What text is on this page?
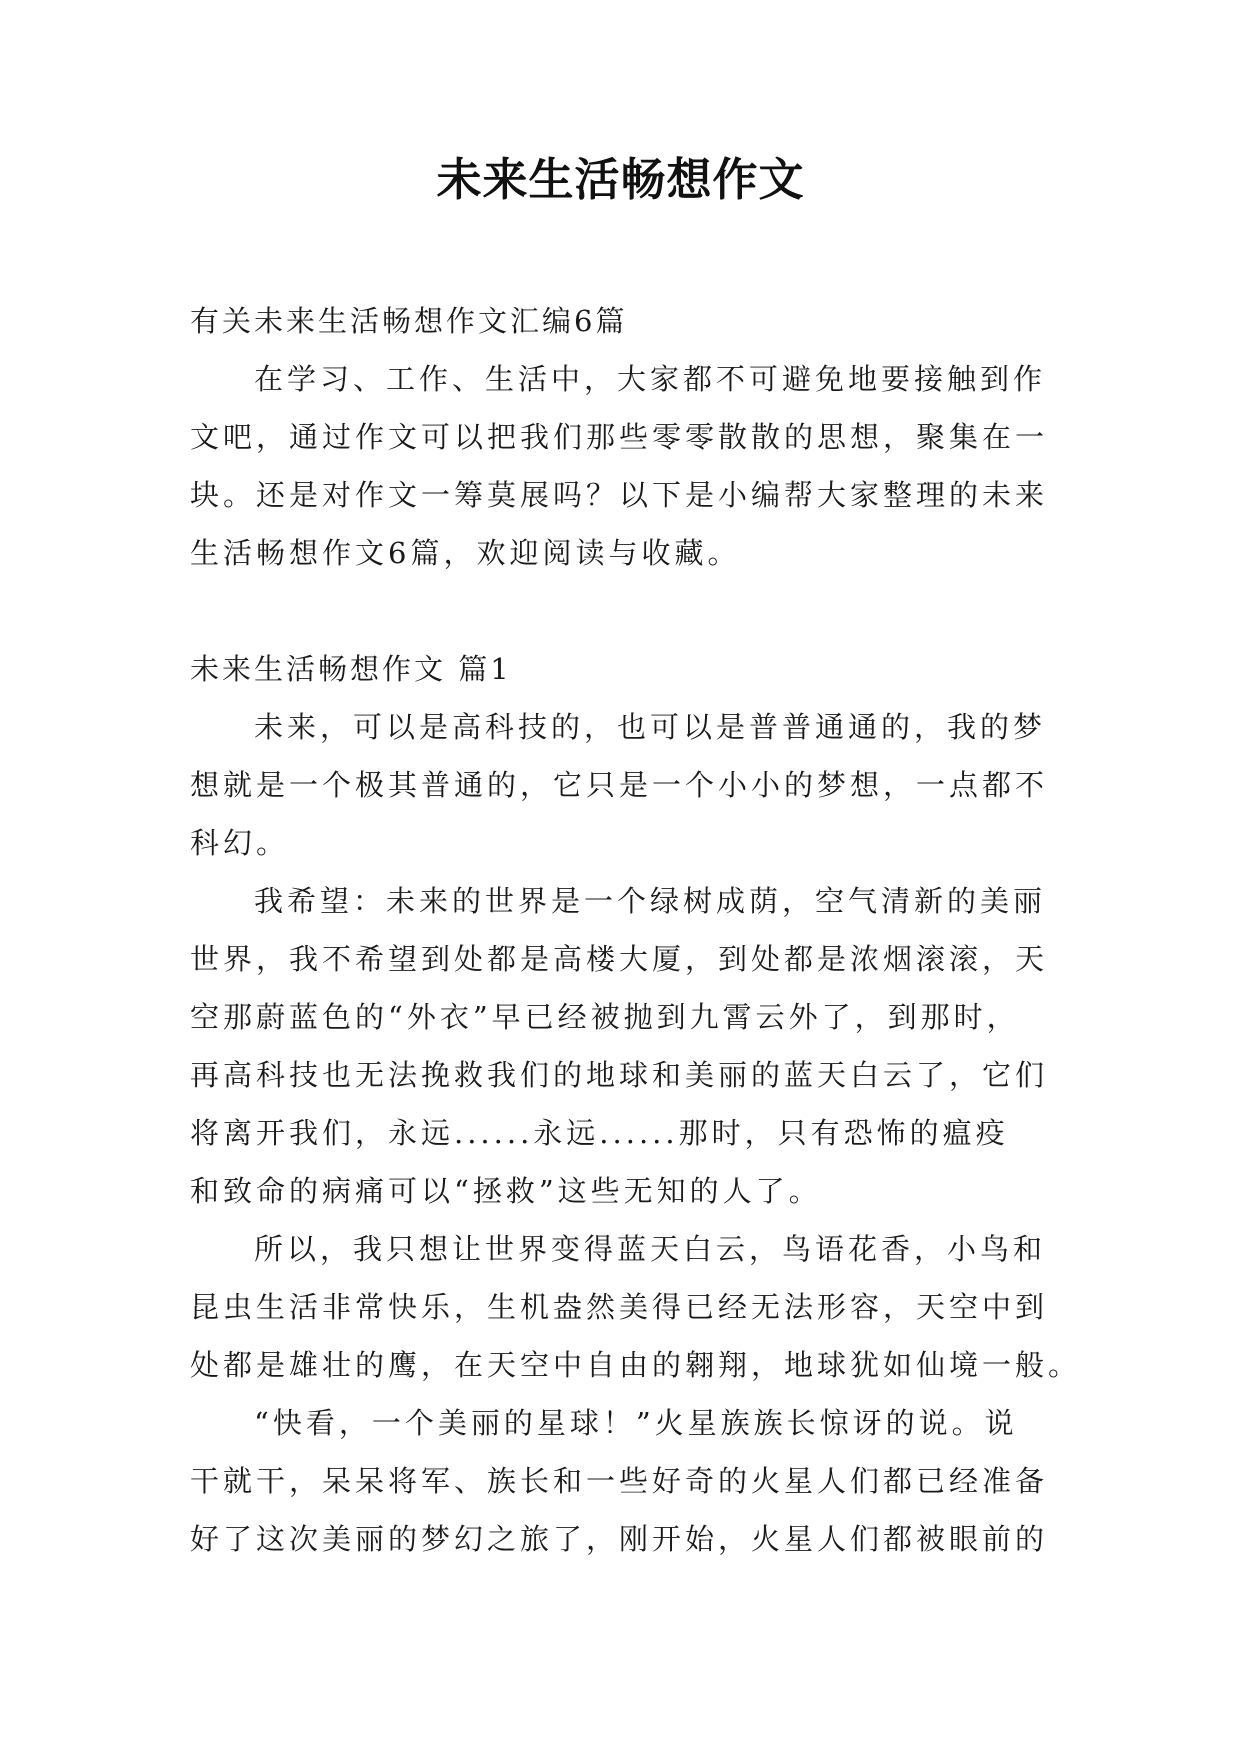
未来生活畅想作文
有关未来生活畅想作文汇编6篇
在学习、工作、生活中，大家都不可避免地要接触到作
文吧，通过作文可以把我们那些零零散散的思想，聚集在一
块。还是对作文一筹莫展吗？以下是小编帮大家整理的未来
生活畅想作文6篇，欢迎阅读与收藏。
未来生活畅想作文 篇1
未来，可以是高科技的，也可以是普普通通的，我的梦
想就是一个极其普通的，它只是一个小小的梦想，一点都不
科幻。
我希望：未来的世界是一个绿树成荫，空气清新的美丽
世界，我不希望到处都是高楼大厦，到处都是浓烟滚滚，天
空那蔚蓝色的“外衣”早已经被抛到九霄云外了，到那时，
再高科技也无法挽救我们的地球和美丽的蓝天白云了，它们
将离开我们，永远......永远......那时，只有恐怖的瘟疫
和致命的病痛可以“拯救”这些无知的人了。
所以，我只想让世界变得蓝天白云，鸟语花香，小鸟和
昆虫生活非常快乐，生机盎然美得已经无法形容，天空中到
处都是雄壮的鹰，在天空中自由的翱翔，地球犹如仙境一般。
“快看，一个美丽的星球！”火星族族长惊讶的说。说
干就干，呆呆将军、族长和一些好奇的火星人们都已经准备
好了这次美丽的梦幻之旅了，刚开始，火星人们都被眼前的
